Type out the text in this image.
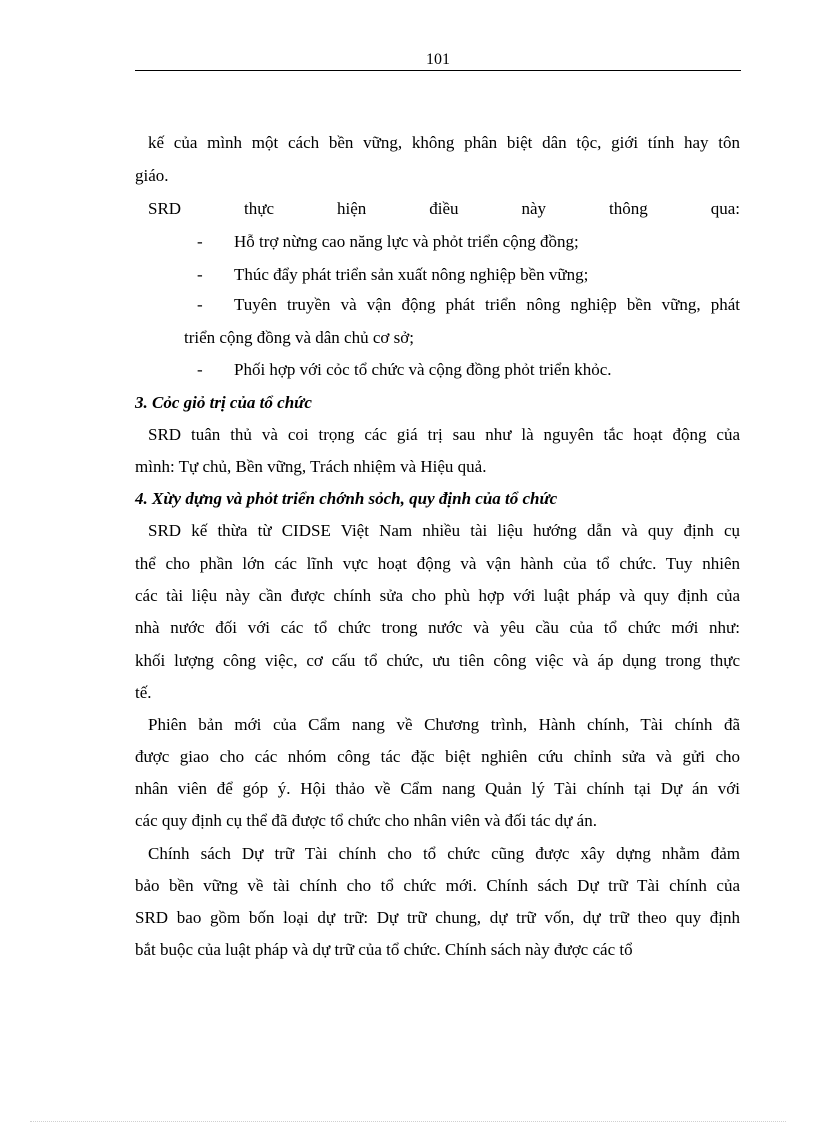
101
kế của mình một cách bền vững, không phân biệt dân tộc, giới tính hay tôn
giáo.
SRD	thực	hiện	điều	này	thông	qua:
- Hỗ trợ nừng cao năng lực và phỏt triển cộng đồng;
- Thúc đẩy phát triển sản xuất nông nghiệp bền vững;
- Tuyên truyền và vận động phát triển nông nghiệp bền vững, phát
triển cộng đồng và dân chủ cơ sở;
- Phối hợp với cỏc tổ chức và cộng đồng phỏt triển khỏc.
3. Cỏc giỏ trị của tổ chức
SRD tuân thủ và coi trọng các giá trị sau như là nguyên tắc hoạt động của
mình: Tự chủ, Bền vững, Trách nhiệm và Hiệu quả.
4. Xừy dựng và phỏt triển chớnh sỏch, quy định của tổ chức
SRD kế thừa từ CIDSE Việt Nam nhiều tài liệu hướng dẫn và quy định cụ
thể cho phần lớn các lĩnh vực hoạt động và vận hành của tổ chức. Tuy nhiên
các tài liệu này cần được chính sửa cho phù hợp với luật pháp và quy định của
nhà nước đối với các tổ chức trong nước và yêu cầu của tổ chức mới như:
khối lượng công việc, cơ cấu tổ chức, ưu tiên công việc và áp dụng trong thực
tế.
Phiên bản mới của Cẩm nang về Chương trình, Hành chính, Tài chính đã
được giao cho các nhóm công tác đặc biệt nghiên cứu chỉnh sửa và gửi cho
nhân viên để góp ý. Hội thảo về Cẩm nang Quản lý Tài chính tại Dự án với
các quy định cụ thể đã được tổ chức cho nhân viên và đối tác dự án.
Chính sách Dự trữ Tài chính cho tổ chức cũng được xây dựng nhằm đảm
bảo bền vững về tài chính cho tổ chức mới. Chính sách Dự trữ Tài chính của
SRD bao gồm bốn loại dự trữ: Dự trữ chung, dự trữ vốn, dự trữ theo quy định
bắt buộc của luật pháp và dự trữ của tổ chức. Chính sách này được các tổ
